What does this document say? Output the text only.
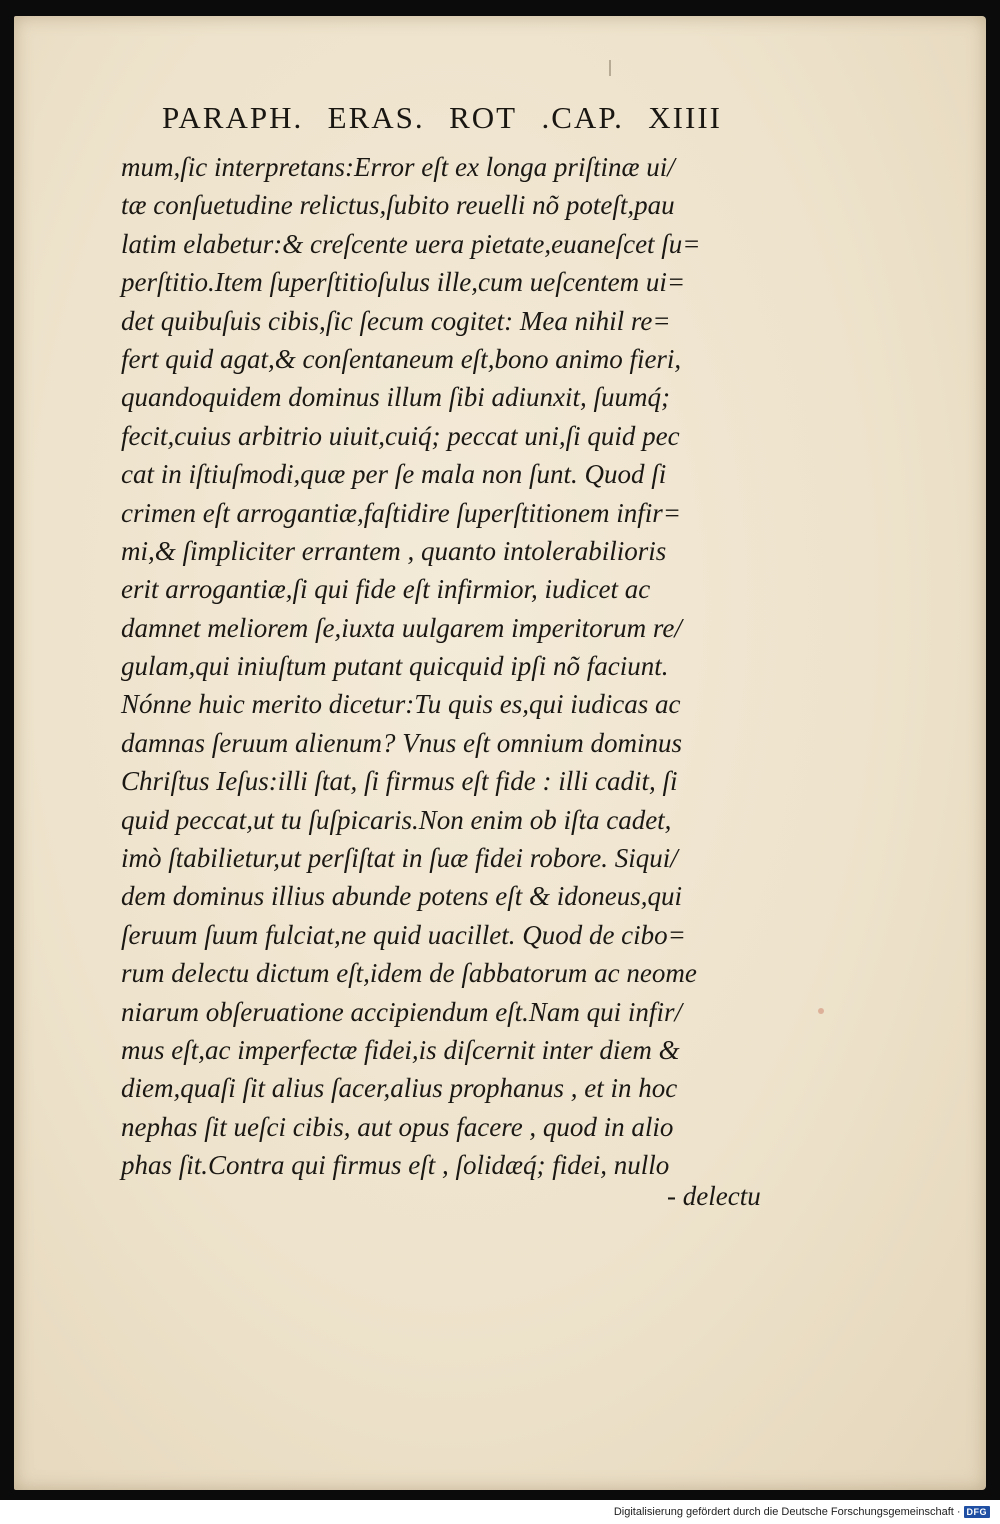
PARAPH. ERAS. ROT .CAP. XIIII
mum,ſic interpretans:Error eſt ex longa priſtinæ ui/
tæ conſuetudine relictus,ſubito reuelli nõ poteſt,pau
latim elabetur:& creſcente uera pietate,euaneſcet ſu=
perſtitio.Item ſuperſtitioſulus ille,cum ueſcentem ui=
det quibuſuis cibis,ſic ſecum cogitet: Mea nihil re=
fert quid agat,& conſentaneum eſt,bono animo fieri,
quandoquidem dominus illum ſibi adiunxit, ſuumq́;
fecit,cuius arbitrio uiuit,cuiq́; peccat uni,ſi quid pec
cat in iſtiuſmodi,quæ per ſe mala non ſunt. Quod ſi
crimen eſt arrogantiæ,faſtidire ſuperſtitionem infir=
mi,& ſimpliciter errantem , quanto intolerabilioris
erit arrogantiæ,ſi qui fide eſt infirmior, iudicet ac
damnet meliorem ſe,iuxta uulgarem imperitorum re/
gulam,qui iniuſtum putant quicquid ipſi nõ faciunt.
Nónne huic merito dicetur:Tu quis es,qui iudicas ac
damnas ſeruum alienum? Vnus eſt omnium dominus
Chriſtus Ieſus:illi ſtat, ſi firmus eſt fide : illi cadit, ſi
quid peccat,ut tu ſuſpicaris.Non enim ob iſta cadet,
imò ſtabilietur,ut perſiſtat in ſuæ fidei robore. Siqui/
dem dominus illius abunde potens eſt & idoneus,qui
ſeruum ſuum fulciat,ne quid uacillet. Quod de cibo=
rum delectu dictum eſt,idem de ſabbatorum ac neome
niarum obſeruatione accipiendum eſt.Nam qui infir/
mus eſt,ac imperfectæ fidei,is diſcernit inter diem &
diem,quaſi ſit alius ſacer,alius prophanus , et in hoc
nephas ſit ueſci cibis, aut opus facere , quod in alio
phas ſit.Contra qui firmus eſt , ſolidæq́; fidei, nullo
- delectu
Digitalisierung gefördert durch die Deutsche Forschungsgemeinschaft · DFG
